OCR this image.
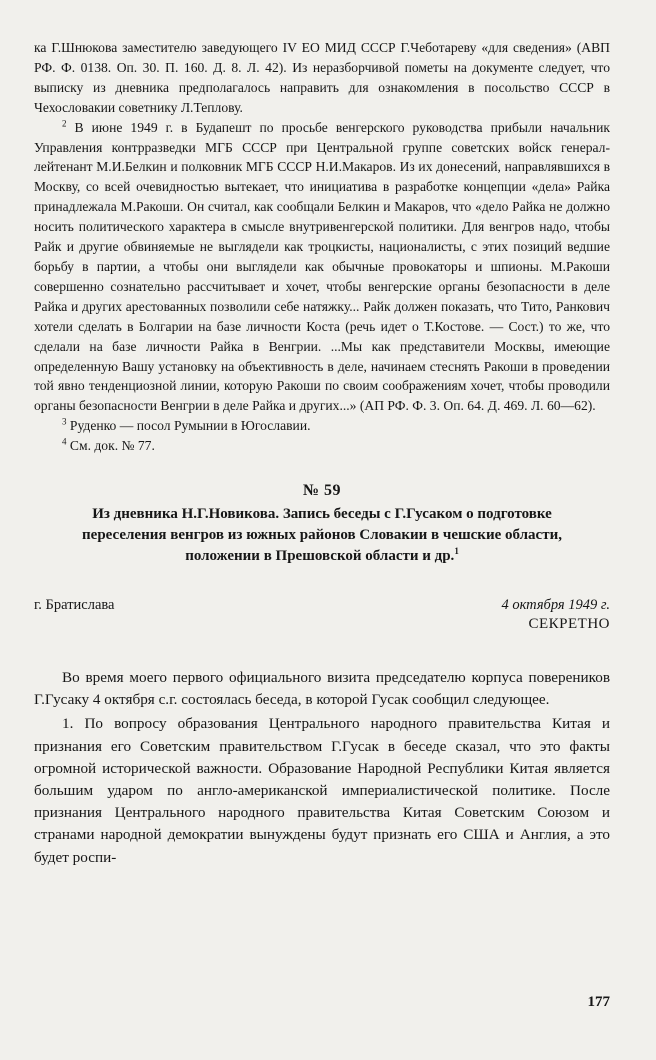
ка Г.Шнюкова заместителю заведующего IV ЕО МИД СССР Г.Чеботареву «для сведения» (АВП РФ. Ф. 0138. Оп. 30. П. 160. Д. 8. Л. 42). Из неразборчивой пометы на документе следует, что выписку из дневника предполагалось направить для ознакомления в посольство СССР в Чехословакии советнику Л.Теплову.

$^2$ В июне 1949 г. в Будапешт по просьбе венгерского руководства прибыли начальник Управления контрразведки МГБ СССР при Центральной группе советских войск генерал-лейтенант М.И.Белкин и полковник МГБ СССР Н.И.Макаров. Из их донесений, направлявшихся в Москву, со всей очевидностью вытекает, что инициатива в разработке концепции «дела» Райка принадлежала М.Ракоши. Он считал, как сообщали Белкин и Макаров, что «дело Райка не должно носить политического характера в смысле внутривенгерской политики. Для венгров надо, чтобы Райк и другие обвиняемые не выглядели как троцкисты, националисты, с этих позиций ведшие борьбу в партии, а чтобы они выглядели как обычные провокаторы и шпионы. М.Ракоши совершенно сознательно рассчитывает и хочет, чтобы венгерские органы безопасности в деле Райка и других арестованных позволили себе натяжку... Райк должен показать, что Тито, Ранкович хотели сделать в Болгарии на базе личности Коста (речь идет о Т.Костове. — Сост.) то же, что сделали на базе личности Райка в Венгрии. ...Мы как представители Москвы, имеющие определенную Вашу установку на объективность в деле, начинаем стеснять Ракоши в проведении той явно тенденциозной линии, которую Ракоши по своим соображениям хочет, чтобы проводили органы безопасности Венгрии в деле Райка и других...» (АП РФ. Ф. 3. Оп. 64. Д. 469. Л. 60—62).

$^3$ Руденко — посол Румынии в Югославии.

$^4$ См. док. № 77.

№ 59
Из дневника Н.Г.Новикова. Запись беседы с Г.Гусаком о подготовке переселения венгров из южных районов Словакии в чешские области, положении в Прешовской области и др.$^1$
г. Братислава	4 октября 1949 г.
СЕКРЕТНО

Во время моего первого официального визита председателю корпуса повереников Г.Гусаку 4 октября с.г. состоялась беседа, в которой Гусак сообщил следующее.

1. По вопросу образования Центрального народного правительства Китая и признания его Советским правительством Г.Гусак в беседе сказал, что это факты огромной исторической важности. Образование Народной Республики Китая является большим ударом по англо-американской империалистической политике. После признания Центрального народного правительства Китая Советским Союзом и странами народной демократии вынуждены будут признать его США и Англия, а это будет роспи-

177
